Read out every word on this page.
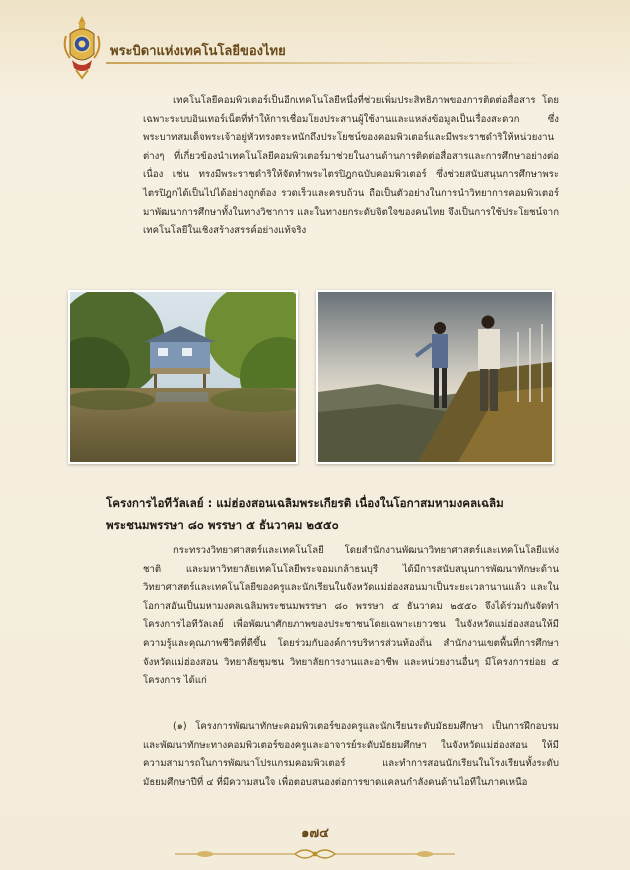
พระบิดาแห่งเทคโนโลยีของไทย

เทคโนโลยีคอมพิวเตอร์เป็นอีกเทคโนโลยีหนึ่งที่ช่วยเพิ่มประสิทธิภาพของการติดต่อสื่อสาร โดยเฉพาะระบบอินเทอร์เน็ตที่ทำให้การเชื่อมโยงประสานผู้ใช้งานและแหล่งข้อมูลเป็นเรื่องสะดวก ซึ่งพระบาทสมเด็จพระเจ้าอยู่หัวทรงตระหนักถึงประโยชน์ของคอมพิวเตอร์และมีพระราชดำริให้หน่วยงานต่างๆ ที่เกี่ยวข้องนำเทคโนโลยีคอมพิวเตอร์มาช่วยในงานด้านการติดต่อสื่อสารและการศึกษาอย่างต่อเนื่อง เช่น ทรงมีพระราชดำริให้จัดทำพระไตรปิฎกฉบับคอมพิวเตอร์ ซึ่งช่วยสนับสนุนการศึกษาพระไตรปิฎกได้เป็นไปได้อย่างถูกต้อง รวดเร็วและครบถ้วน ถือเป็นตัวอย่างในการนำวิทยาการคอมพิวเตอร์มาพัฒนาการศึกษาทั้งในทางวิชาการ และในทางยกระดับจิตใจของคนไทย จึงเป็นการใช้ประโยชน์จากเทคโนโลยีในเชิงสร้างสรรค์อย่างแท้จริง

โครงการไอทีวัลเลย์ : แม่ฮ่องสอนเฉลิมพระเกียรติ เนื่องในโอกาสมหามงคลเฉลิมพระชนมพรรษา ๘๐ พรรษา ๕ ธันวาคม ๒๕๕๐

กระทรวงวิทยาศาสตร์และเทคโนโลยี โดยสำนักงานพัฒนาวิทยาศาสตร์และเทคโนโลยีแห่งชาติ และมหาวิทยาลัยเทคโนโลยีพระจอมเกล้าธนบุรี ได้มีการสนับสนุนการพัฒนาทักษะด้านวิทยาศาสตร์และเทคโนโลยีของครูและนักเรียนในจังหวัดแม่ฮ่องสอนมาเป็นระยะเวลานานแล้ว และในโอกาสอันเป็นมหามงคลเฉลิมพระชนมพรรษา ๘๐ พรรษา ๕ ธันวาคม ๒๕๕๐ จึงได้ร่วมกันจัดทำโครงการไอทีวัลเลย์ เพื่อพัฒนาศักยภาพของประชาชนโดยเฉพาะเยาวชน ในจังหวัดแม่ฮ่องสอนให้มีความรู้และคุณภาพชีวิตที่ดีขึ้น โดยร่วมกับองค์การบริหารส่วนท้องถิ่น สำนักงานเขตพื้นที่การศึกษาจังหวัดแม่ฮ่องสอน วิทยาลัยชุมชน วิทยาลัยการงานและอาชีพ และหน่วยงานอื่นๆ มีโครงการย่อย ๕ โครงการ ได้แก่

(๑) โครงการพัฒนาทักษะคอมพิวเตอร์ของครูและนักเรียนระดับมัธยมศึกษา เป็นการฝึกอบรมและพัฒนาทักษะทางคอมพิวเตอร์ของครูและอาจารย์ระดับมัธยมศึกษา ในจังหวัดแม่ฮ่องสอน ให้มีความสามารถในการพัฒนาโปรแกรมคอมพิวเตอร์ และทำการสอนนักเรียนในโรงเรียนทั้งระดับมัธยมศึกษาปีที่ ๔ ที่มีความสนใจ เพื่อตอบสนองต่อการขาดแคลนกำลังคนด้านไอทีในภาคเหนือ

๑๗๔
